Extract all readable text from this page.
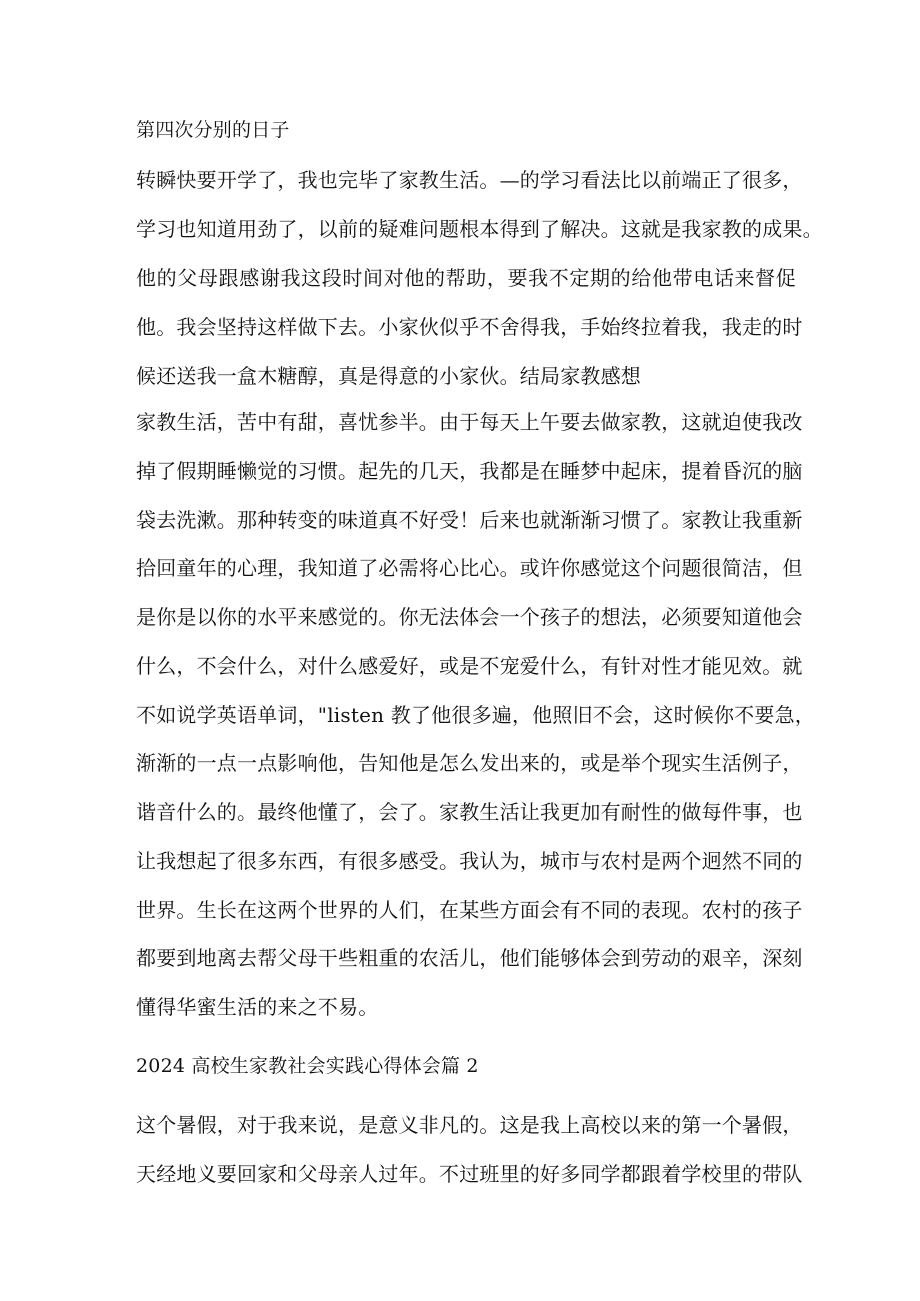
第四次分别的日子
转瞬快要开学了，我也完毕了家教生活。—的学习看法比以前端正了很多，
学习也知道用劲了，以前的疑难问题根本得到了解决。这就是我家教的成果。
他的父母跟感谢我这段时间对他的帮助，要我不定期的给他带电话来督促
他。我会坚持这样做下去。小家伙似乎不舍得我，手始终拉着我，我走的时
候还送我一盒木糖醇，真是得意的小家伙。结局家教感想
家教生活，苦中有甜，喜忧参半。由于每天上午要去做家教，这就迫使我改
掉了假期睡懒觉的习惯。起先的几天，我都是在睡梦中起床，提着昏沉的脑
袋去洗漱。那种转变的味道真不好受！后来也就渐渐习惯了。家教让我重新
拾回童年的心理，我知道了必需将心比心。或许你感觉这个问题很简洁，但
是你是以你的水平来感觉的。你无法体会一个孩子的想法，必须要知道他会
什么，不会什么，对什么感爱好，或是不宠爱什么，有针对性才能见效。就
不如说学英语单词，"listen 教了他很多遍，他照旧不会，这时候你不要急，
渐渐的一点一点影响他，告知他是怎么发出来的，或是举个现实生活例子，
谐音什么的。最终他懂了，会了。家教生活让我更加有耐性的做每件事，也
让我想起了很多东西，有很多感受。我认为，城市与农村是两个迥然不同的
世界。生长在这两个世界的人们，在某些方面会有不同的表现。农村的孩子
都要到地离去帮父母干些粗重的农活儿，他们能够体会到劳动的艰辛，深刻
懂得华蜜生活的来之不易。
2024 高校生家教社会实践心得体会篇 2
这个暑假，对于我来说，是意义非凡的。这是我上高校以来的第一个暑假，
天经地义要回家和父母亲人过年。不过班里的好多同学都跟着学校里的带队
